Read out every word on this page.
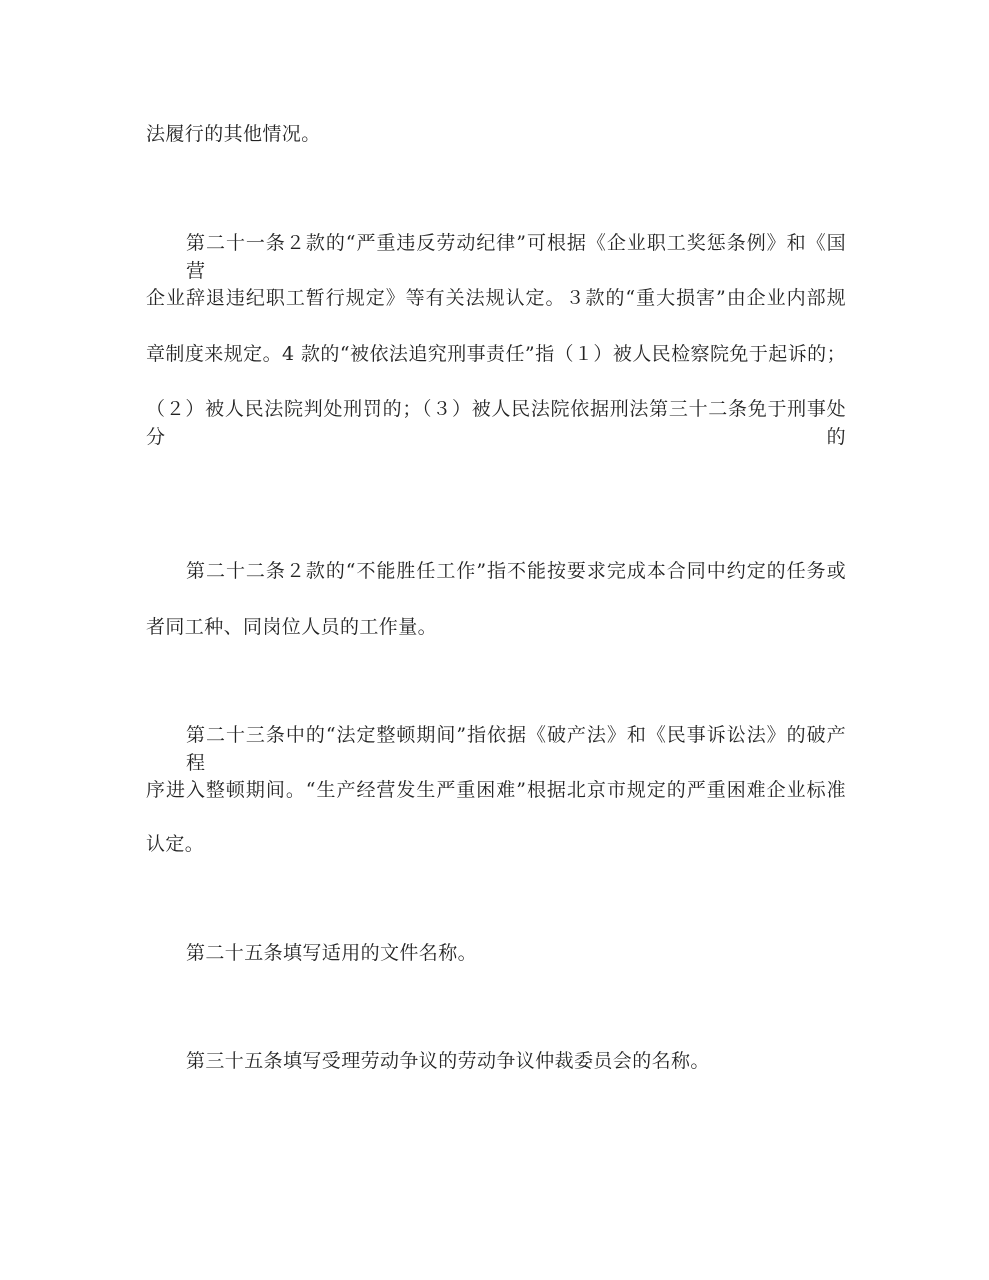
法履行的其他情况。
第二十一条２款的“严重违反劳动纪律”可根据《企业职工奖惩条例》和《国营
企业辞退违纪职工暂行规定》等有关法规认定。３款的“重大损害”由企业内部规
章制度来规定。4 款的“被依法追究刑事责任”指（１）被人民检察院免于起诉的；
（２）被人民法院判处刑罚的；（３）被人民法院依据刑法第三十二条免于刑事处分的
第二十二条２款的“不能胜任工作”指不能按要求完成本合同中约定的任务或
者同工种、同岗位人员的工作量。
第二十三条中的“法定整顿期间”指依据《破产法》和《民事诉讼法》的破产程
序进入整顿期间。“生产经营发生严重困难”根据北京市规定的严重困难企业标准
认定。
第二十五条填写适用的文件名称。
第三十五条填写受理劳动争议的劳动争议仲裁委员会的名称。
